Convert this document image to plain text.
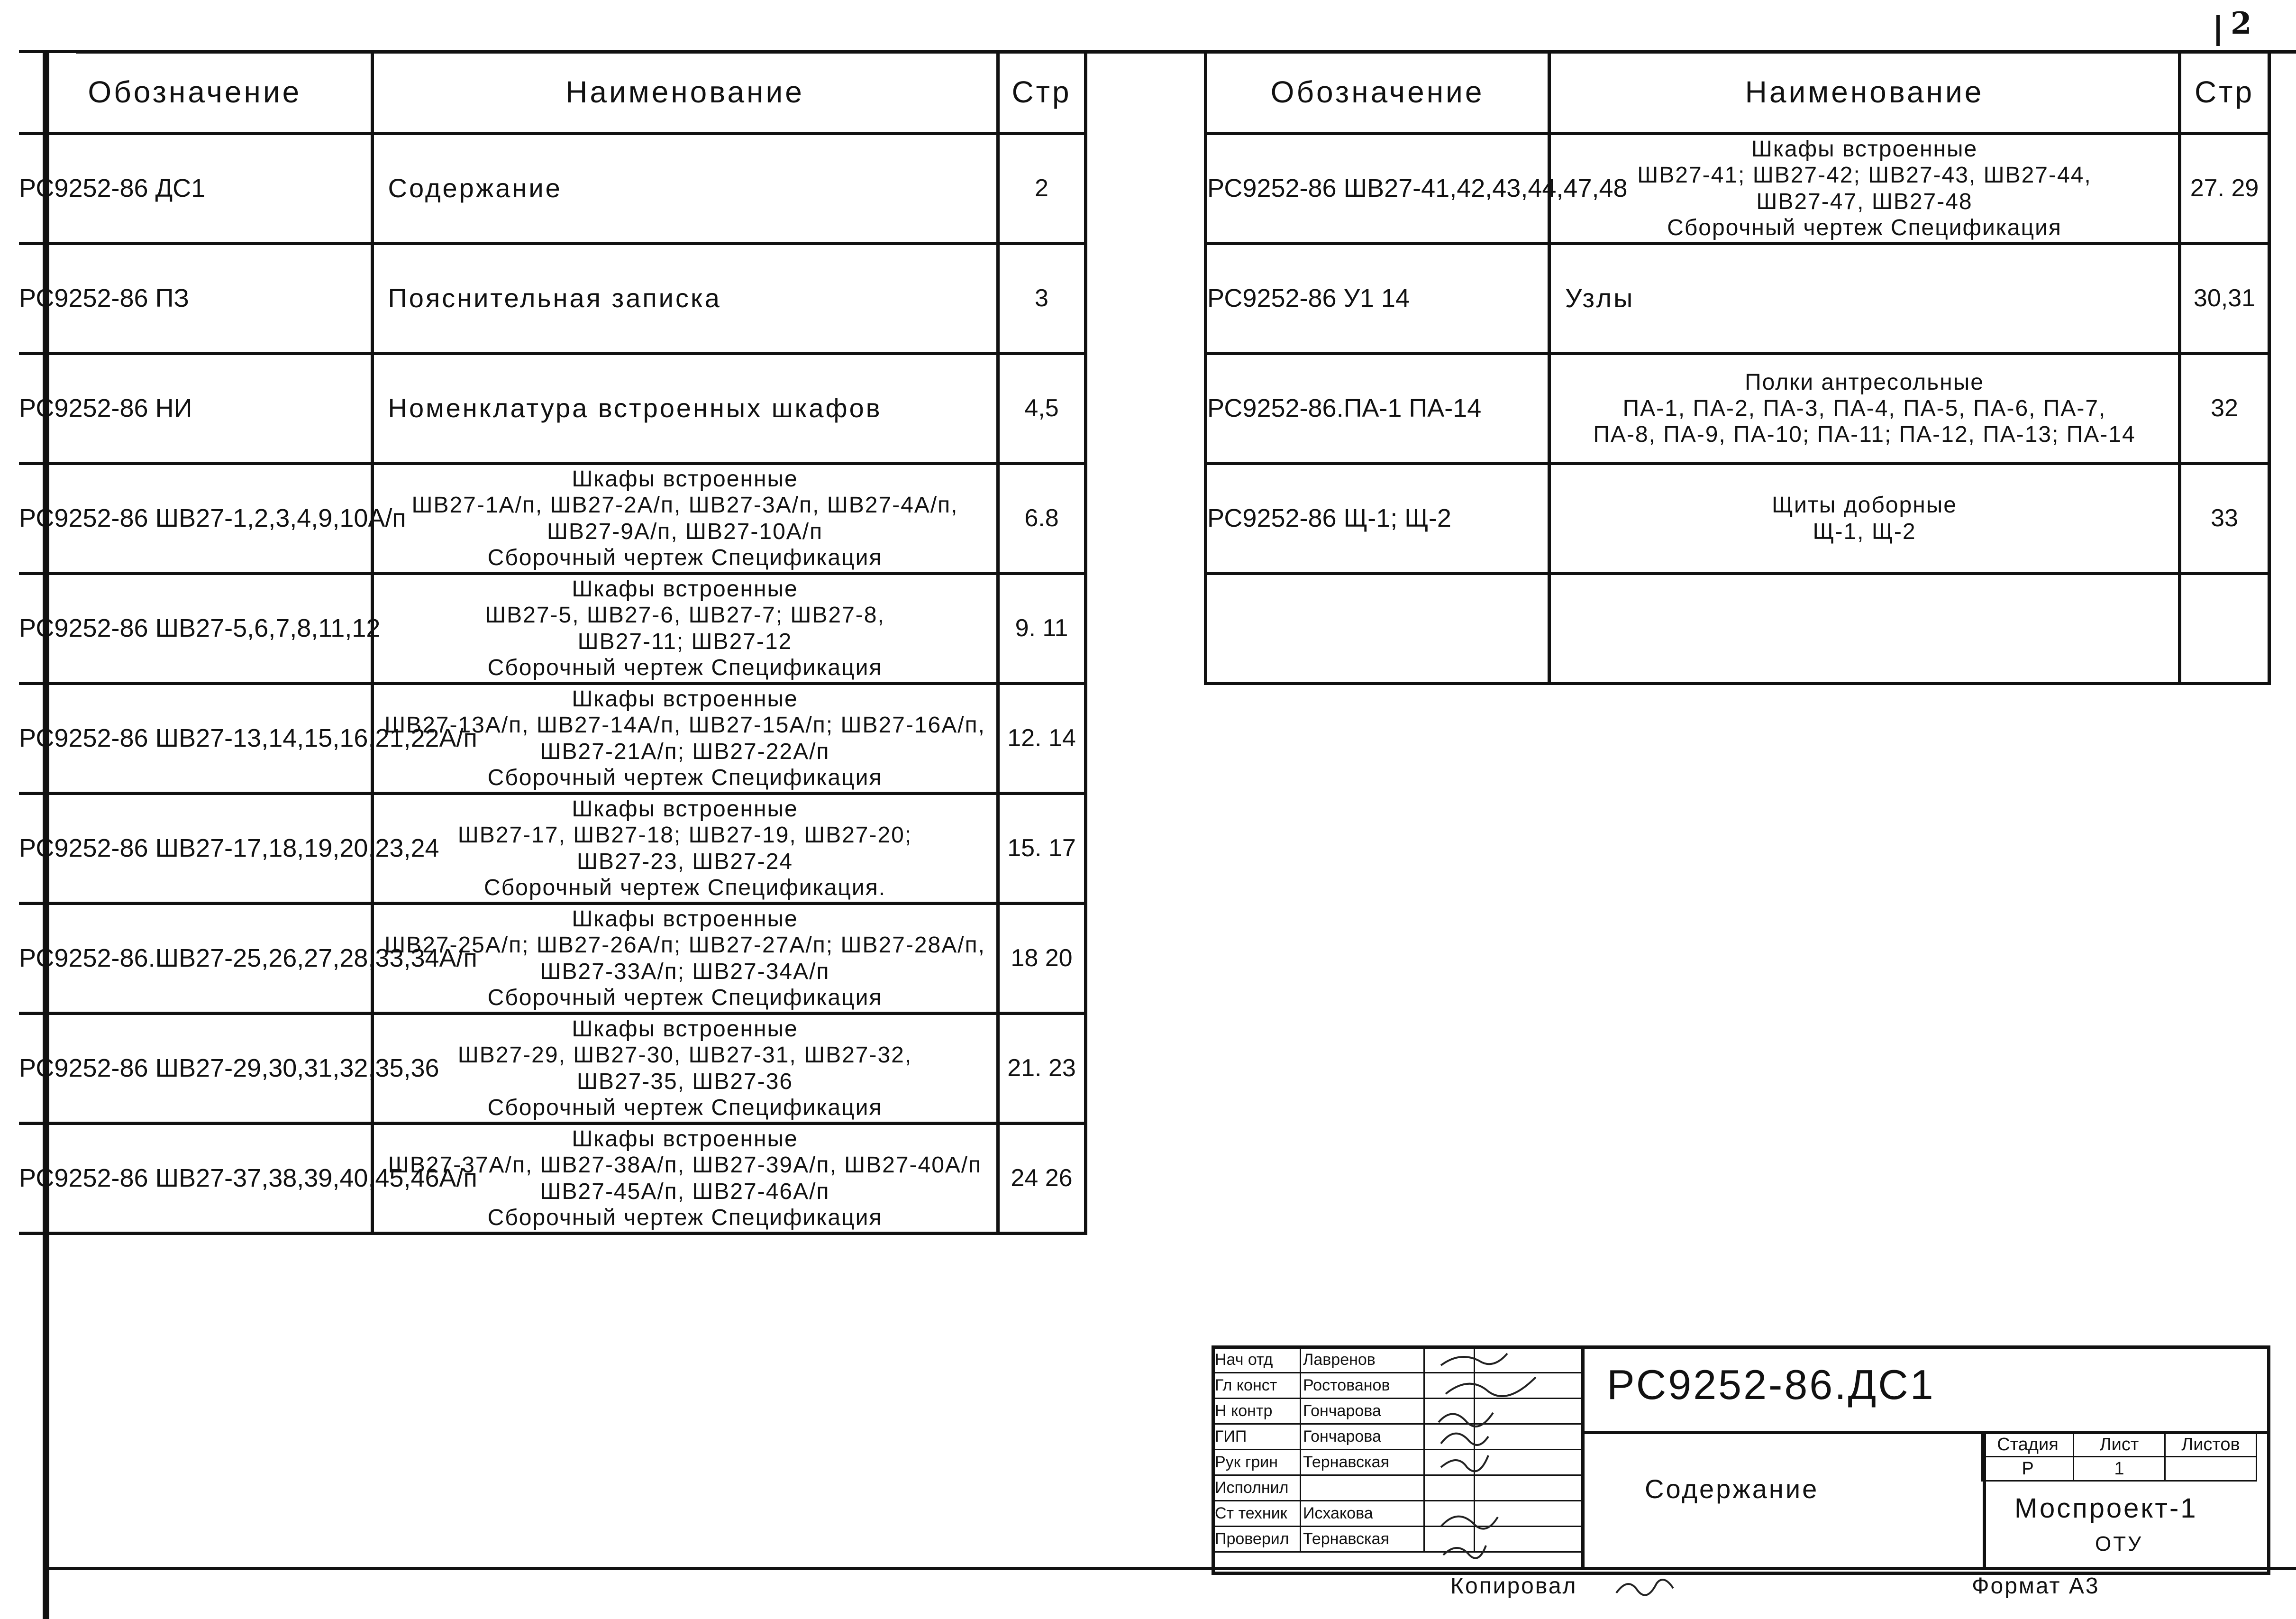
2
Обозначение	Наименование	Стр
РС9252-86 ДС1	Содержание	2
РС9252-86 ПЗ	Пояснительная записка	3
РС9252-86 НИ	Номенклатура встроенных шкафов	4,5
РС9252-86 ШВ27-1,2,3,4,9,10А/п	Шкафы встроенные
ШВ27-1А/п, ШВ27-2А/п, ШВ27-3А/п, ШВ27-4А/п,
ШВ27-9А/п, ШВ27-10А/п
Сборочный чертеж Спецификация	6.8
РС9252-86 ШВ27-5,6,7,8,11,12	Шкафы встроенные
ШВ27-5, ШВ27-6, ШВ27-7; ШВ27-8,
ШВ27-11; ШВ27-12
Сборочный чертеж Спецификация	9. 11
РС9252-86 ШВ27-13,14,15,16,21,22А/п	Шкафы встроенные
ШВ27-13А/п, ШВ27-14А/п, ШВ27-15А/п; ШВ27-16А/п,
ШВ27-21А/п; ШВ27-22А/п
Сборочный чертеж Спецификация	12. 14
РС9252-86 ШВ27-17,18,19,20,23,24	Шкафы встроенные
ШВ27-17, ШВ27-18; ШВ27-19, ШВ27-20;
ШВ27-23, ШВ27-24
Сборочный чертеж Спецификация.	15. 17
РС9252-86.ШВ27-25,26,27,28,33,34А/п	Шкафы встроенные
ШВ27-25А/п; ШВ27-26А/п; ШВ27-27А/п; ШВ27-28А/п,
ШВ27-33А/п; ШВ27-34А/п
Сборочный чертеж Спецификация	18 20
РС9252-86 ШВ27-29,30,31,32,35,36	Шкафы встроенные
ШВ27-29, ШВ27-30, ШВ27-31, ШВ27-32,
ШВ27-35, ШВ27-36
Сборочный чертеж Спецификация	21. 23
РС9252-86 ШВ27-37,38,39,40,45,46А/п	Шкафы встроенные
ШВ27-37А/п, ШВ27-38А/п, ШВ27-39А/п, ШВ27-40А/п
ШВ27-45А/п, ШВ27-46А/п
Сборочный чертеж Спецификация	24 26
Обозначение	Наименование	Стр
РС9252-86 ШВ27-41,42,43,44,47,48	Шкафы встроенные
ШВ27-41; ШВ27-42; ШВ27-43, ШВ27-44,
ШВ27-47, ШВ27-48
Сборочный чертеж Спецификация	27. 29
РС9252-86 У1 14	Узлы	30,31
РС9252-86.ПА-1 ПА-14	Полки антресольные
ПА-1, ПА-2, ПА-3, ПА-4, ПА-5, ПА-6, ПА-7,
ПА-8, ПА-9, ПА-10; ПА-11; ПА-12, ПА-13; ПА-14	32
РС9252-86 Щ-1; Щ-2	Щиты доборные
Щ-1, Щ-2	33

Нач отд	Лавренов		
Гл конст	Ростованов		
Н контр	Гончарова		
ГИП	Гончарова		
Рук грин	Тернавская		
Исполнил			
Ст техник	Исхакова		
Проверил	Тернавская		
РС9252-86.ДС1
Содержание
Стадия	Лист	Листов
Р	1	
Моспроект-1
ОТУ
Копировал	Формат А3
